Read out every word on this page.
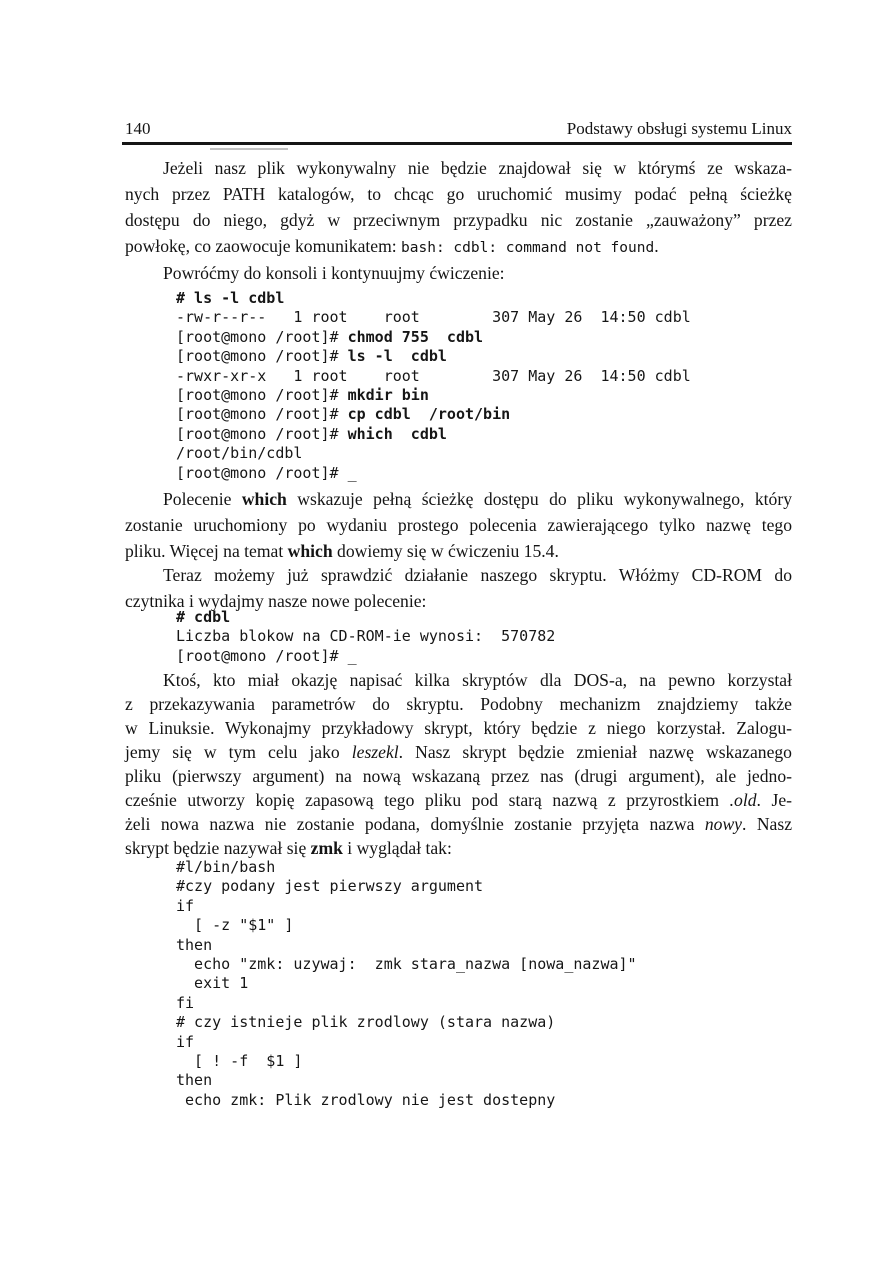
140	Podstawy obsługi systemu Linux
Jeżeli nasz plik wykonywalny nie będzie znajdował się w którymś ze wskaza-
nych przez PATH katalogów, to chcąc go uruchomić musimy podać pełną ścieżkę
dostępu do niego, gdyż w przeciwnym przypadku nic zostanie „zauważony” przez
powłokę, co zaowocuje komunikatem: bash: cdbl: command not found.
Powróćmy do konsoli i kontynuujmy ćwiczenie:
# ls -l cdbl
-rw-r--r--   1 root    root        307 May 26  14:50 cdbl
[root@mono /root]# chmod 755  cdbl
[root@mono /root]# ls -l  cdbl
-rwxr-xr-x   1 root    root        307 May 26  14:50 cdbl
[root@mono /root]# mkdir bin
[root@mono /root]# cp cdbl  /root/bin
[root@mono /root]# which  cdbl
/root/bin/cdbl
[root@mono /root]# _
Polecenie which wskazuje pełną ścieżkę dostępu do pliku wykonywalnego, który
zostanie uruchomiony po wydaniu prostego polecenia zawierającego tylko nazwę tego
pliku. Więcej na temat which dowiemy się w ćwiczeniu 15.4.
Teraz możemy już sprawdzić działanie naszego skryptu. Włóżmy CD-ROM do
czytnika i wydajmy nasze nowe polecenie:
# cdbl
Liczba blokow na CD-ROM-ie wynosi:  570782
[root@mono /root]# _
Ktoś, kto miał okazję napisać kilka skryptów dla DOS-a, na pewno korzystał
z przekazywania parametrów do skryptu. Podobny mechanizm znajdziemy także
w Linuksie. Wykonajmy przykładowy skrypt, który będzie z niego korzystał. Zalogu-
jemy się w tym celu jako leszekl. Nasz skrypt będzie zmieniał nazwę wskazanego
pliku (pierwszy argument) na nową wskazaną przez nas (drugi argument), ale jedno-
cześnie utworzy kopię zapasową tego pliku pod starą nazwą z przyrostkiem .old. Je-
żeli nowa nazwa nie zostanie podana, domyślnie zostanie przyjęta nazwa nowy. Nasz
skrypt będzie nazywał się zmk i wyglądał tak:
#l/bin/bash
#czy podany jest pierwszy argument
if
[ -z "$1" ]
then
echo "zmk: uzywaj:  zmk stara_nazwa [nowa_nazwa]"
exit 1
fi
# czy istnieje plik zrodlowy (stara nazwa)
if
[ ! -f  $1 ]
then
echo zmk: Plik zrodlowy nie jest dostepny
